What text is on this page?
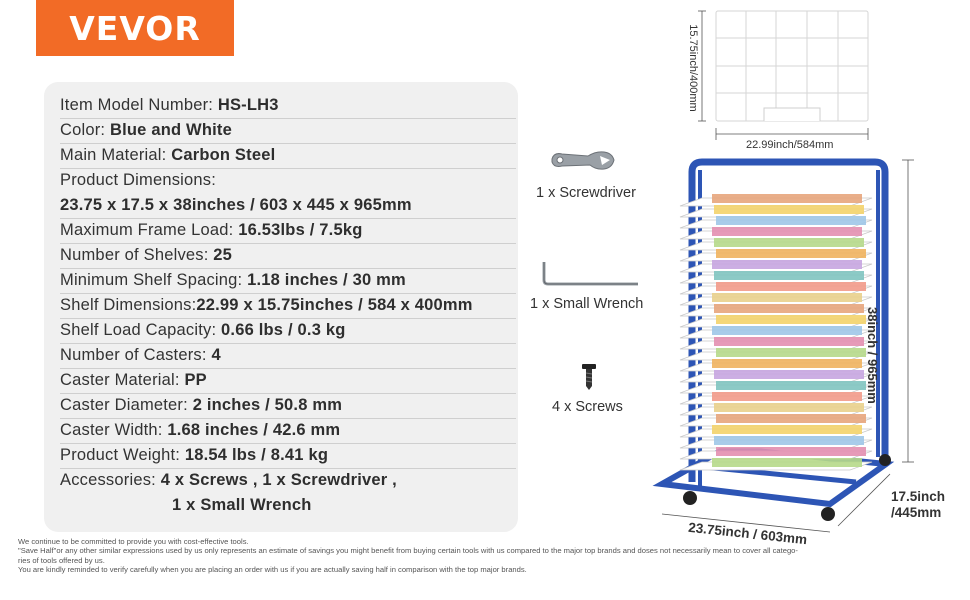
VEVOR
Item Model Number: HS-LH3
Color: Blue and White
Main Material: Carbon Steel
Product Dimensions:
23.75 x 17.5 x 38inches / 603 x 445 x 965mm
Maximum Frame Load: 16.53lbs / 7.5kg
Number of Shelves: 25
Minimum Shelf Spacing: 1.18 inches / 30 mm
Shelf Dimensions:22.99 x 15.75inches / 584 x 400mm
Shelf Load Capacity: 0.66 lbs / 0.3 kg
Number of Casters: 4
Caster Material: PP
Caster Diameter: 2 inches / 50.8 mm
Caster Width: 1.68 inches / 42.6 mm
Product Weight: 18.54 lbs / 8.41 kg
Accessories: 4 x Screws , 1 x Screwdriver ,
1 x Small Wrench
1 x Screwdriver
1 x Small Wrench
4 x Screws
15.75inch/400mm
22.99inch/584mm
38inch / 965mm
23.75inch / 603mm
17.5inch
/445mm
We continue to be committed to provide you with cost-effective tools.
"Save Half"or any other similar expressions used by us only represents an estimate of savings you might benefit from buying certain tools with us compared to the major top brands and doses not necessarily mean to cover all catego-
ries of tools offered by us.
You are kindly reminded to verify carefully when you are placing an order with us if you are actually saving half in comparison with the top major brands.
